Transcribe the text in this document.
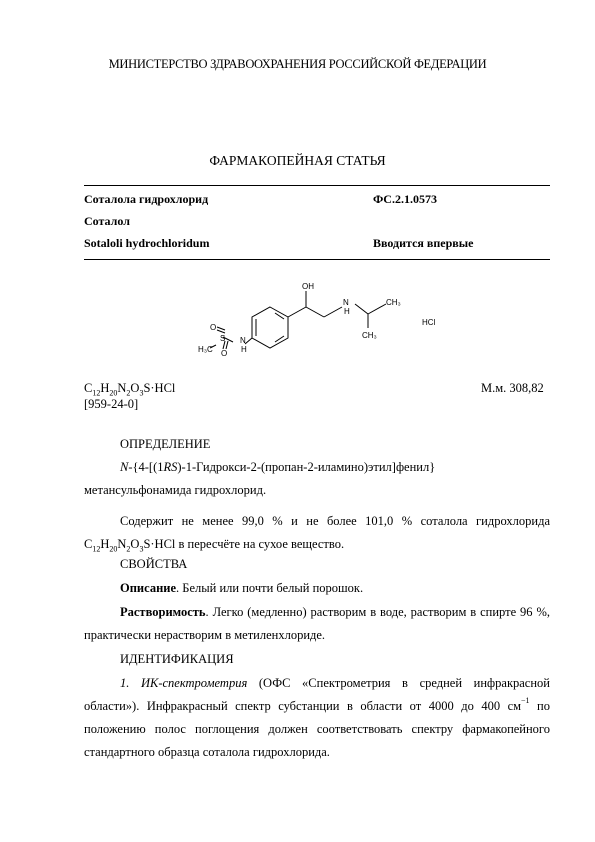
МИНИСТЕРСТВО ЗДРАВООХРАНЕНИЯ РОССИЙСКОЙ ФЕДЕРАЦИИ
ФАРМАКОПЕЙНАЯ СТАТЬЯ
Соталола гидрохлорид	ФС.2.1.0573
Соталол
Sotaloli hydrochloridum	Вводится впервые
OH
N
H
CH₃
CH₃
HCl
O
O
S
H₃C
N
H
$C_{12}H_{20}N_2O_3S\cdot HCl$	М.м. 308,82
[959-24-0]
ОПРЕДЕЛЕНИЕ
N-{4-[(1RS)-1-Гидрокси-2-(пропан-2-иламино)этил]фенил}
метансульфонамида гидрохлорид.
Содержит не менее 99,0 % и не более 101,0 % соталола гидрохлорида $C_{12}H_{20}N_2O_3S\cdot HCl$ в пересчёте на сухое вещество.
СВОЙСТВА
Описание. Белый или почти белый порошок.
Растворимость. Легко (медленно) растворим в воде, растворим в спирте 96 %, практически нерастворим в метиленхлориде.
ИДЕНТИФИКАЦИЯ
1. ИК-спектрометрия (ОФС «Спектрометрия в средней инфракрасной области»). Инфракрасный спектр субстанции в области от 4000 до 400 $см^{-1}$ по положению полос поглощения должен соответствовать спектру фармакопейного стандартного образца соталола гидрохлорида.
